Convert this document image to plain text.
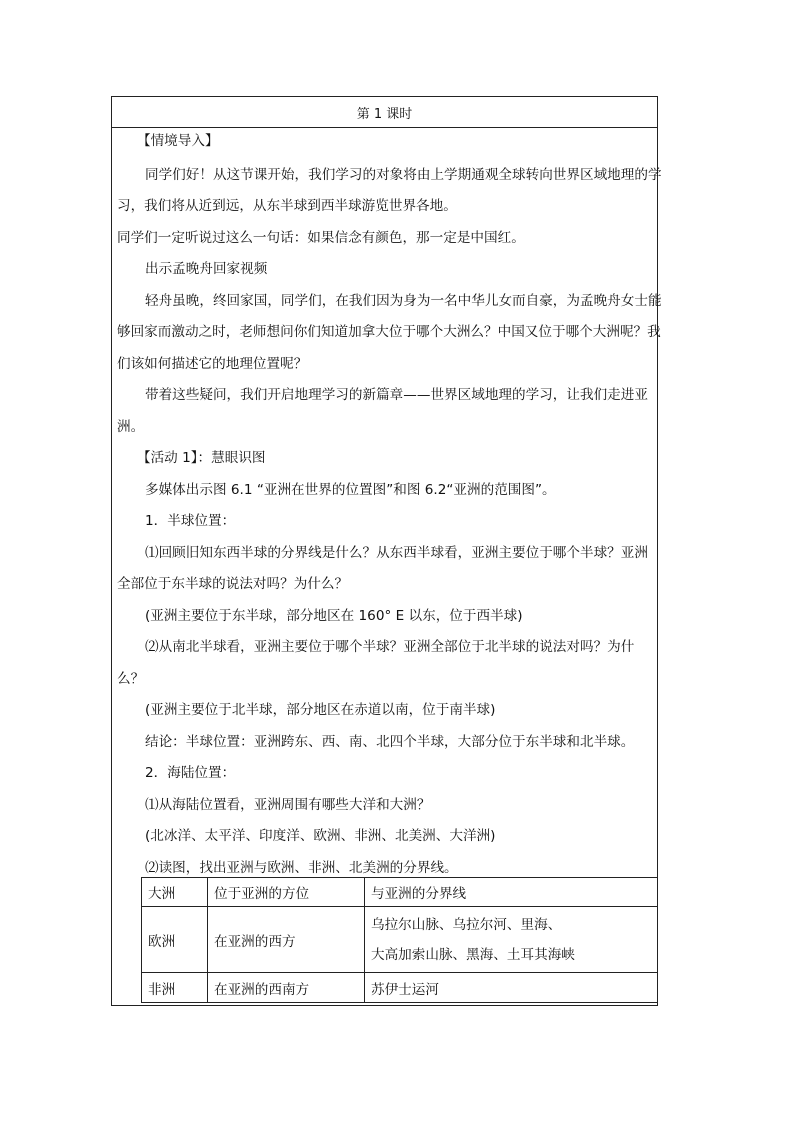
第 1 课时
【情境导入】
同学们好！从这节课开始，我们学习的对象将由上学期通观全球转向世界区域地理的学
习，我们将从近到远，从东半球到西半球游览世界各地。
同学们一定听说过这么一句话：如果信念有颜色，那一定是中国红。
出示孟晚舟回家视频
轻舟虽晚，终回家国，同学们，在我们因为身为一名中华儿女而自豪，为孟晚舟女士能
够回家而激动之时，老师想问你们知道加拿大位于哪个大洲么？中国又位于哪个大洲呢？我
们该如何描述它的地理位置呢？
带着这些疑问，我们开启地理学习的新篇章——世界区域地理的学习，让我们走进亚
洲。
【活动 1】：慧眼识图
多媒体出示图 6.1 “亚洲在世界的位置图”和图 6.2“亚洲的范围图”。
1．半球位置：
⑴回顾旧知东西半球的分界线是什么？从东西半球看，亚洲主要位于哪个半球？亚洲
全部位于东半球的说法对吗？为什么？
(亚洲主要位于东半球，部分地区在 160° E 以东，位于西半球)
⑵从南北半球看，亚洲主要位于哪个半球？亚洲全部位于北半球的说法对吗？为什
么？
(亚洲主要位于北半球，部分地区在赤道以南，位于南半球)
结论：半球位置：亚洲跨东、西、南、北四个半球，大部分位于东半球和北半球。
2．海陆位置：
⑴从海陆位置看，亚洲周围有哪些大洋和大洲？
(北冰洋、太平洋、印度洋、欧洲、非洲、北美洲、大洋洲)
⑵读图，找出亚洲与欧洲、非洲、北美洲的分界线。
大洲	位于亚洲的方位	与亚洲的分界线
欧洲	在亚洲的西方	乌拉尔山脉、乌拉尔河、里海、
大高加索山脉、黑海、土耳其海峡

非洲	在亚洲的西南方	苏伊士运河
